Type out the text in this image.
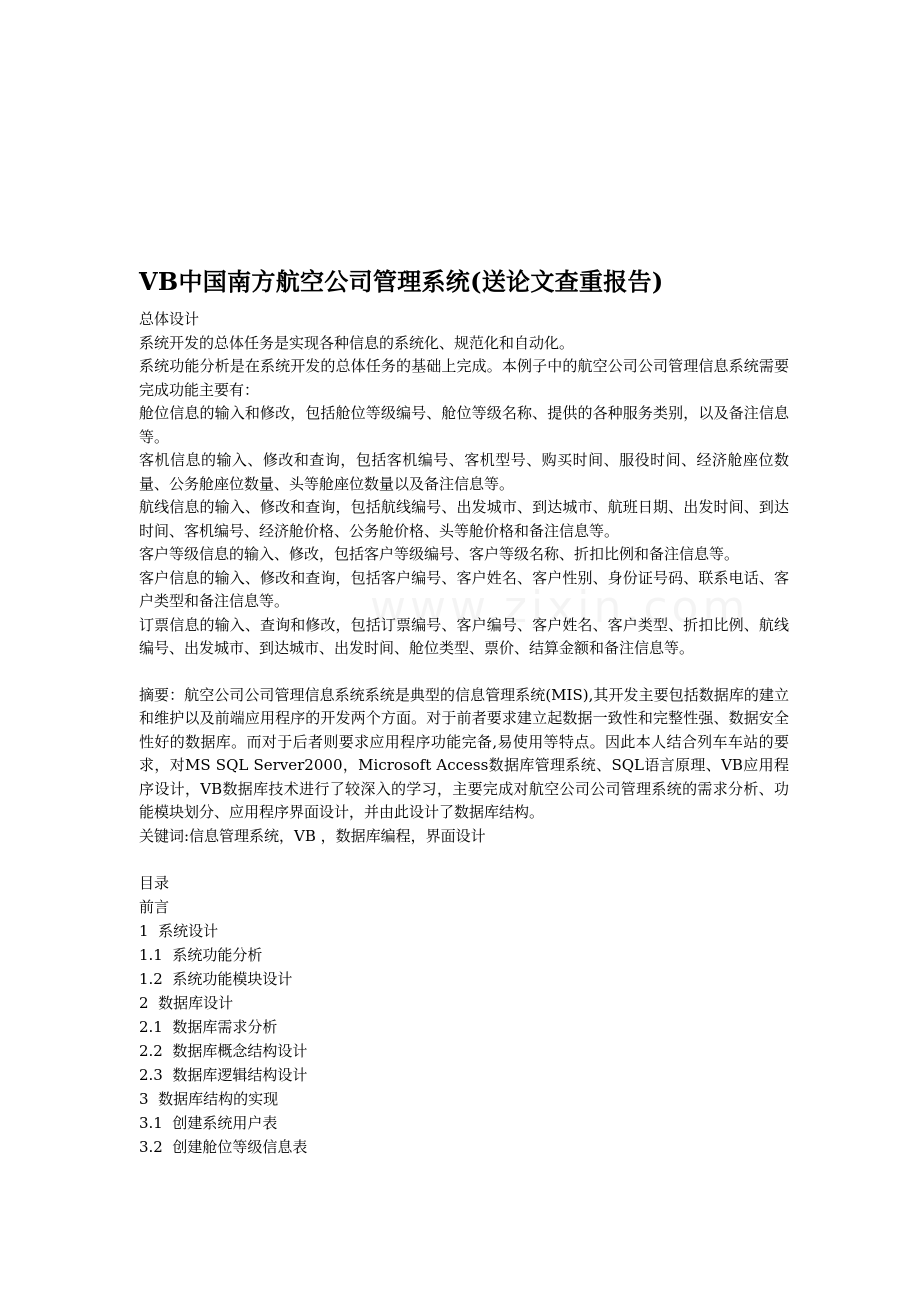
VB中国南方航空公司管理系统(送论文查重报告)

总体设计

系统开发的总体任务是实现各种信息的系统化、规范化和自动化。

系统功能分析是在系统开发的总体任务的基础上完成。本例子中的航空公司公司管理信息系统需要完成功能主要有：

舱位信息的输入和修改，包括舱位等级编号、舱位等级名称、提供的各种服务类别，以及备注信息等。

客机信息的输入、修改和查询，包括客机编号、客机型号、购买时间、服役时间、经济舱座位数量、公务舱座位数量、头等舱座位数量以及备注信息等。

航线信息的输入、修改和查询，包括航线编号、出发城市、到达城市、航班日期、出发时间、到达时间、客机编号、经济舱价格、公务舱价格、头等舱价格和备注信息等。

客户等级信息的输入、修改，包括客户等级编号、客户等级名称、折扣比例和备注信息等。

客户信息的输入、修改和查询，包括客户编号、客户姓名、客户性别、身份证号码、联系电话、客户类型和备注信息等。

订票信息的输入、查询和修改，包括订票编号、客户编号、客户姓名、客户类型、折扣比例、航线编号、出发城市、到达城市、出发时间、舱位类型、票价、结算金额和备注信息等。

摘要：航空公司公司管理信息系统系统是典型的信息管理系统(MIS),其开发主要包括数据库的建立和维护以及前端应用程序的开发两个方面。对于前者要求建立起数据一致性和完整性强、数据安全性好的数据库。而对于后者则要求应用程序功能完备,易使用等特点。因此本人结合列车车站的要求，对MS SQL Server2000，Microsoft Access数据库管理系统、SQL语言原理、VB应用程序设计，VB数据库技术进行了较深入的学习，主要完成对航空公司公司管理系统的需求分析、功能模块划分、应用程序界面设计，并由此设计了数据库结构。

关键词:信息管理系统，VB ，数据库编程，界面设计

目录

前言

1  系统设计

1.1  系统功能分析

1.2  系统功能模块设计

2  数据库设计

2.1  数据库需求分析

2.2  数据库概念结构设计

2.3  数据库逻辑结构设计

3  数据库结构的实现

3.1  创建系统用户表

3.2  创建舱位等级信息表
